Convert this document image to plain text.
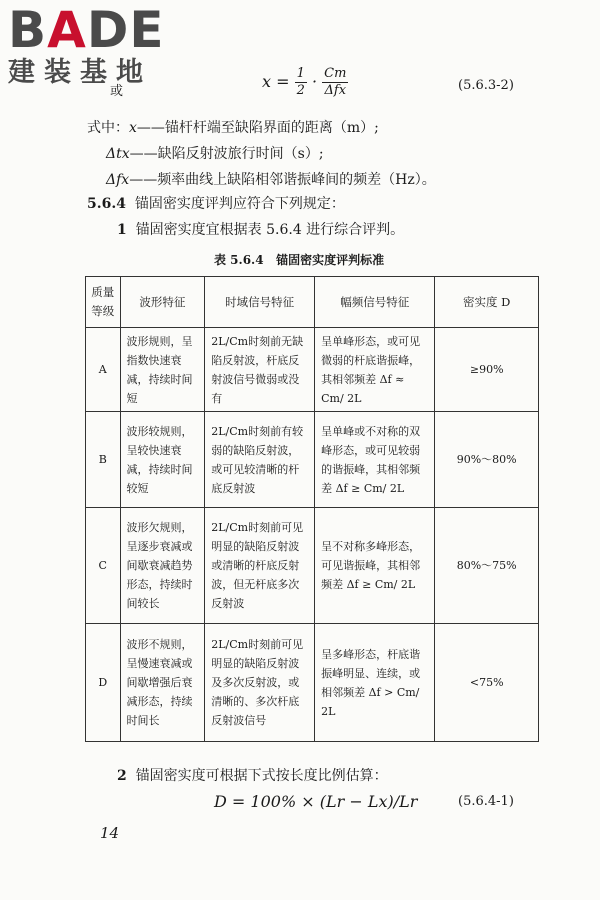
BADE
建装基地
或
$x = \frac{1}{2} \cdot \frac{Cm}{\text{Δfx}}$	(5.6.3-2)
式中：x——锚杆杆端至缺陷界面的距离（m）;
Δtx——缺陷反射波旅行时间（s）;
Δfx——频率曲线上缺陷相邻谐振峰间的频差（Hz）。
5.6.4 锚固密实度评判应符合下列规定：
1 锚固密实度宜根据表 5.6.4 进行综合评判。
表 5.6.4 锚固密实度评判标准
质量等级	波形特征	时域信号特征	幅频信号特征	密实度 D
A	波形规则，呈指数快速衰减，持续时间短	2L/Cm时刻前无缺陷反射波，杆底反射波信号微弱或没有	呈单峰形态，或可见微弱的杆底谐振峰，其相邻频差 Δf ≈ Cm/ 2L	≥90%
B	波形较规则，呈较快速衰减，持续时间较短	2L/Cm时刻前有较弱的缺陷反射波，或可见较清晰的杆底反射波	呈单峰或不对称的双峰形态，或可见较弱的谐振峰，其相邻频差 Δf ≥ Cm/ 2L	90%～80%
C	波形欠规则，呈逐步衰减或间歇衰减趋势形态，持续时间较长	2L/Cm时刻前可见明显的缺陷反射波或清晰的杆底反射波，但无杆底多次反射波	呈不对称多峰形态，可见谐振峰，其相邻频差 Δf ≥ Cm/ 2L	80%～75%
D	波形不规则，呈慢速衰减或间歇增强后衰减形态，持续时间长	2L/Cm时刻前可见明显的缺陷反射波及多次反射波，或清晰的、多次杆底反射波信号	呈多峰形态，杆底谐振峰明显、连续，或相邻频差 Δf > Cm/ 2L	<75%
2 锚固密实度可根据下式按长度比例估算：
D = 100% × (Lr − Lx)/Lr	(5.6.4-1)
14
